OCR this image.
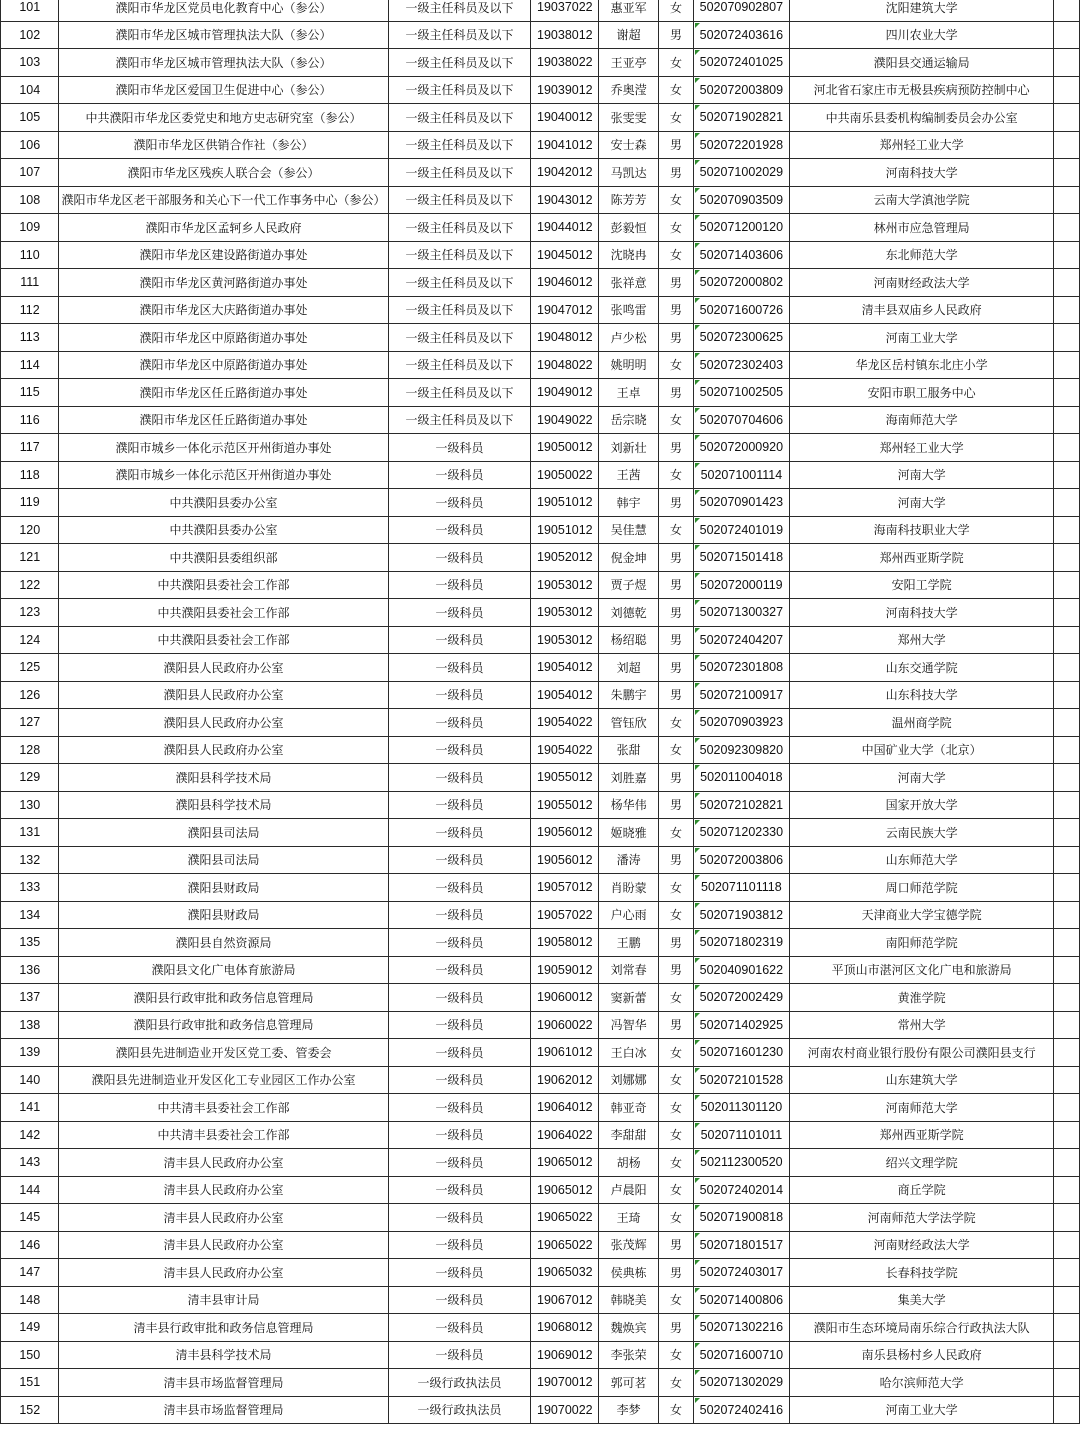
101	濮阳市华龙区党员电化教育中心（参公）	一级主任科员及以下	19037022	惠亚军	女	502070902807	沈阳建筑大学	
102	濮阳市华龙区城市管理执法大队（参公）	一级主任科员及以下	19038012	谢超	男	502072403616	四川农业大学	
103	濮阳市华龙区城市管理执法大队（参公）	一级主任科员及以下	19038022	王亚亭	女	502072401025	濮阳县交通运输局	
104	濮阳市华龙区爱国卫生促进中心（参公）	一级主任科员及以下	19039012	乔奥滢	女	502072003809	河北省石家庄市无极县疾病预防控制中心	
105	中共濮阳市华龙区委党史和地方史志研究室（参公）	一级主任科员及以下	19040012	张雯雯	女	502071902821	中共南乐县委机构编制委员会办公室	
106	濮阳市华龙区供销合作社（参公）	一级主任科员及以下	19041012	安士森	男	502072201928	郑州轻工业大学	
107	濮阳市华龙区残疾人联合会（参公）	一级主任科员及以下	19042012	马凯达	男	502071002029	河南科技大学	
108	濮阳市华龙区老干部服务和关心下一代工作事务中心（参公）	一级主任科员及以下	19043012	陈芳芳	女	502070903509	云南大学滇池学院	
109	濮阳市华龙区孟轲乡人民政府	一级主任科员及以下	19044012	彭毅恒	女	502071200120	林州市应急管理局	
110	濮阳市华龙区建设路街道办事处	一级主任科员及以下	19045012	沈晓冉	女	502071403606	东北师范大学	
111	濮阳市华龙区黄河路街道办事处	一级主任科员及以下	19046012	张祥意	男	502072000802	河南财经政法大学	
112	濮阳市华龙区大庆路街道办事处	一级主任科员及以下	19047012	张鸣雷	男	502071600726	清丰县双庙乡人民政府	
113	濮阳市华龙区中原路街道办事处	一级主任科员及以下	19048012	卢少松	男	502072300625	河南工业大学	
114	濮阳市华龙区中原路街道办事处	一级主任科员及以下	19048022	姚明明	女	502072302403	华龙区岳村镇东北庄小学	
115	濮阳市华龙区任丘路街道办事处	一级主任科员及以下	19049012	王卓	男	502071002505	安阳市职工服务中心	
116	濮阳市华龙区任丘路街道办事处	一级主任科员及以下	19049022	岳宗晓	女	502070704606	海南师范大学	
117	濮阳市城乡一体化示范区开州街道办事处	一级科员	19050012	刘新壮	男	502072000920	郑州轻工业大学	
118	濮阳市城乡一体化示范区开州街道办事处	一级科员	19050022	王茜	女	502071001114	河南大学	
119	中共濮阳县委办公室	一级科员	19051012	韩宇	男	502070901423	河南大学	
120	中共濮阳县委办公室	一级科员	19051012	吴佳慧	女	502072401019	海南科技职业大学	
121	中共濮阳县委组织部	一级科员	19052012	倪金坤	男	502071501418	郑州西亚斯学院	
122	中共濮阳县委社会工作部	一级科员	19053012	贾子煜	男	502072000119	安阳工学院	
123	中共濮阳县委社会工作部	一级科员	19053012	刘德乾	男	502071300327	河南科技大学	
124	中共濮阳县委社会工作部	一级科员	19053012	杨绍聪	男	502072404207	郑州大学	
125	濮阳县人民政府办公室	一级科员	19054012	刘超	男	502072301808	山东交通学院	
126	濮阳县人民政府办公室	一级科员	19054012	朱鹏宇	男	502072100917	山东科技大学	
127	濮阳县人民政府办公室	一级科员	19054022	管钰欣	女	502070903923	温州商学院	
128	濮阳县人民政府办公室	一级科员	19054022	张甜	女	502092309820	中国矿业大学（北京）	
129	濮阳县科学技术局	一级科员	19055012	刘胜嘉	男	502011004018	河南大学	
130	濮阳县科学技术局	一级科员	19055012	杨华伟	男	502072102821	国家开放大学	
131	濮阳县司法局	一级科员	19056012	姬晓雅	女	502071202330	云南民族大学	
132	濮阳县司法局	一级科员	19056012	潘涛	男	502072003806	山东师范大学	
133	濮阳县财政局	一级科员	19057012	肖盼蒙	女	502071101118	周口师范学院	
134	濮阳县财政局	一级科员	19057022	户心雨	女	502071903812	天津商业大学宝德学院	
135	濮阳县自然资源局	一级科员	19058012	王鹏	男	502071802319	南阳师范学院	
136	濮阳县文化广电体育旅游局	一级科员	19059012	刘常春	男	502040901622	平顶山市湛河区文化广电和旅游局	
137	濮阳县行政审批和政务信息管理局	一级科员	19060012	窦新蕾	女	502072002429	黄淮学院	
138	濮阳县行政审批和政务信息管理局	一级科员	19060022	冯智华	男	502071402925	常州大学	
139	濮阳县先进制造业开发区党工委、管委会	一级科员	19061012	王白冰	女	502071601230	河南农村商业银行股份有限公司濮阳县支行	
140	濮阳县先进制造业开发区化工专业园区工作办公室	一级科员	19062012	刘娜娜	女	502072101528	山东建筑大学	
141	中共清丰县委社会工作部	一级科员	19064012	韩亚奇	女	502011301120	河南师范大学	
142	中共清丰县委社会工作部	一级科员	19064022	李甜甜	女	502071101011	郑州西亚斯学院	
143	清丰县人民政府办公室	一级科员	19065012	胡杨	女	502112300520	绍兴文理学院	
144	清丰县人民政府办公室	一级科员	19065012	卢晨阳	女	502072402014	商丘学院	
145	清丰县人民政府办公室	一级科员	19065022	王琦	女	502071900818	河南师范大学法学院	
146	清丰县人民政府办公室	一级科员	19065022	张茂辉	男	502071801517	河南财经政法大学	
147	清丰县人民政府办公室	一级科员	19065032	侯典栋	男	502072403017	长春科技学院	
148	清丰县审计局	一级科员	19067012	韩晓美	女	502071400806	集美大学	
149	清丰县行政审批和政务信息管理局	一级科员	19068012	魏焕宾	男	502071302216	濮阳市生态环境局南乐综合行政执法大队	
150	清丰县科学技术局	一级科员	19069012	李张荣	女	502071600710	南乐县杨村乡人民政府	
151	清丰县市场监督管理局	一级行政执法员	19070012	郭可茗	女	502071302029	哈尔滨师范大学	
152	清丰县市场监督管理局	一级行政执法员	19070022	李梦	女	502072402416	河南工业大学	
